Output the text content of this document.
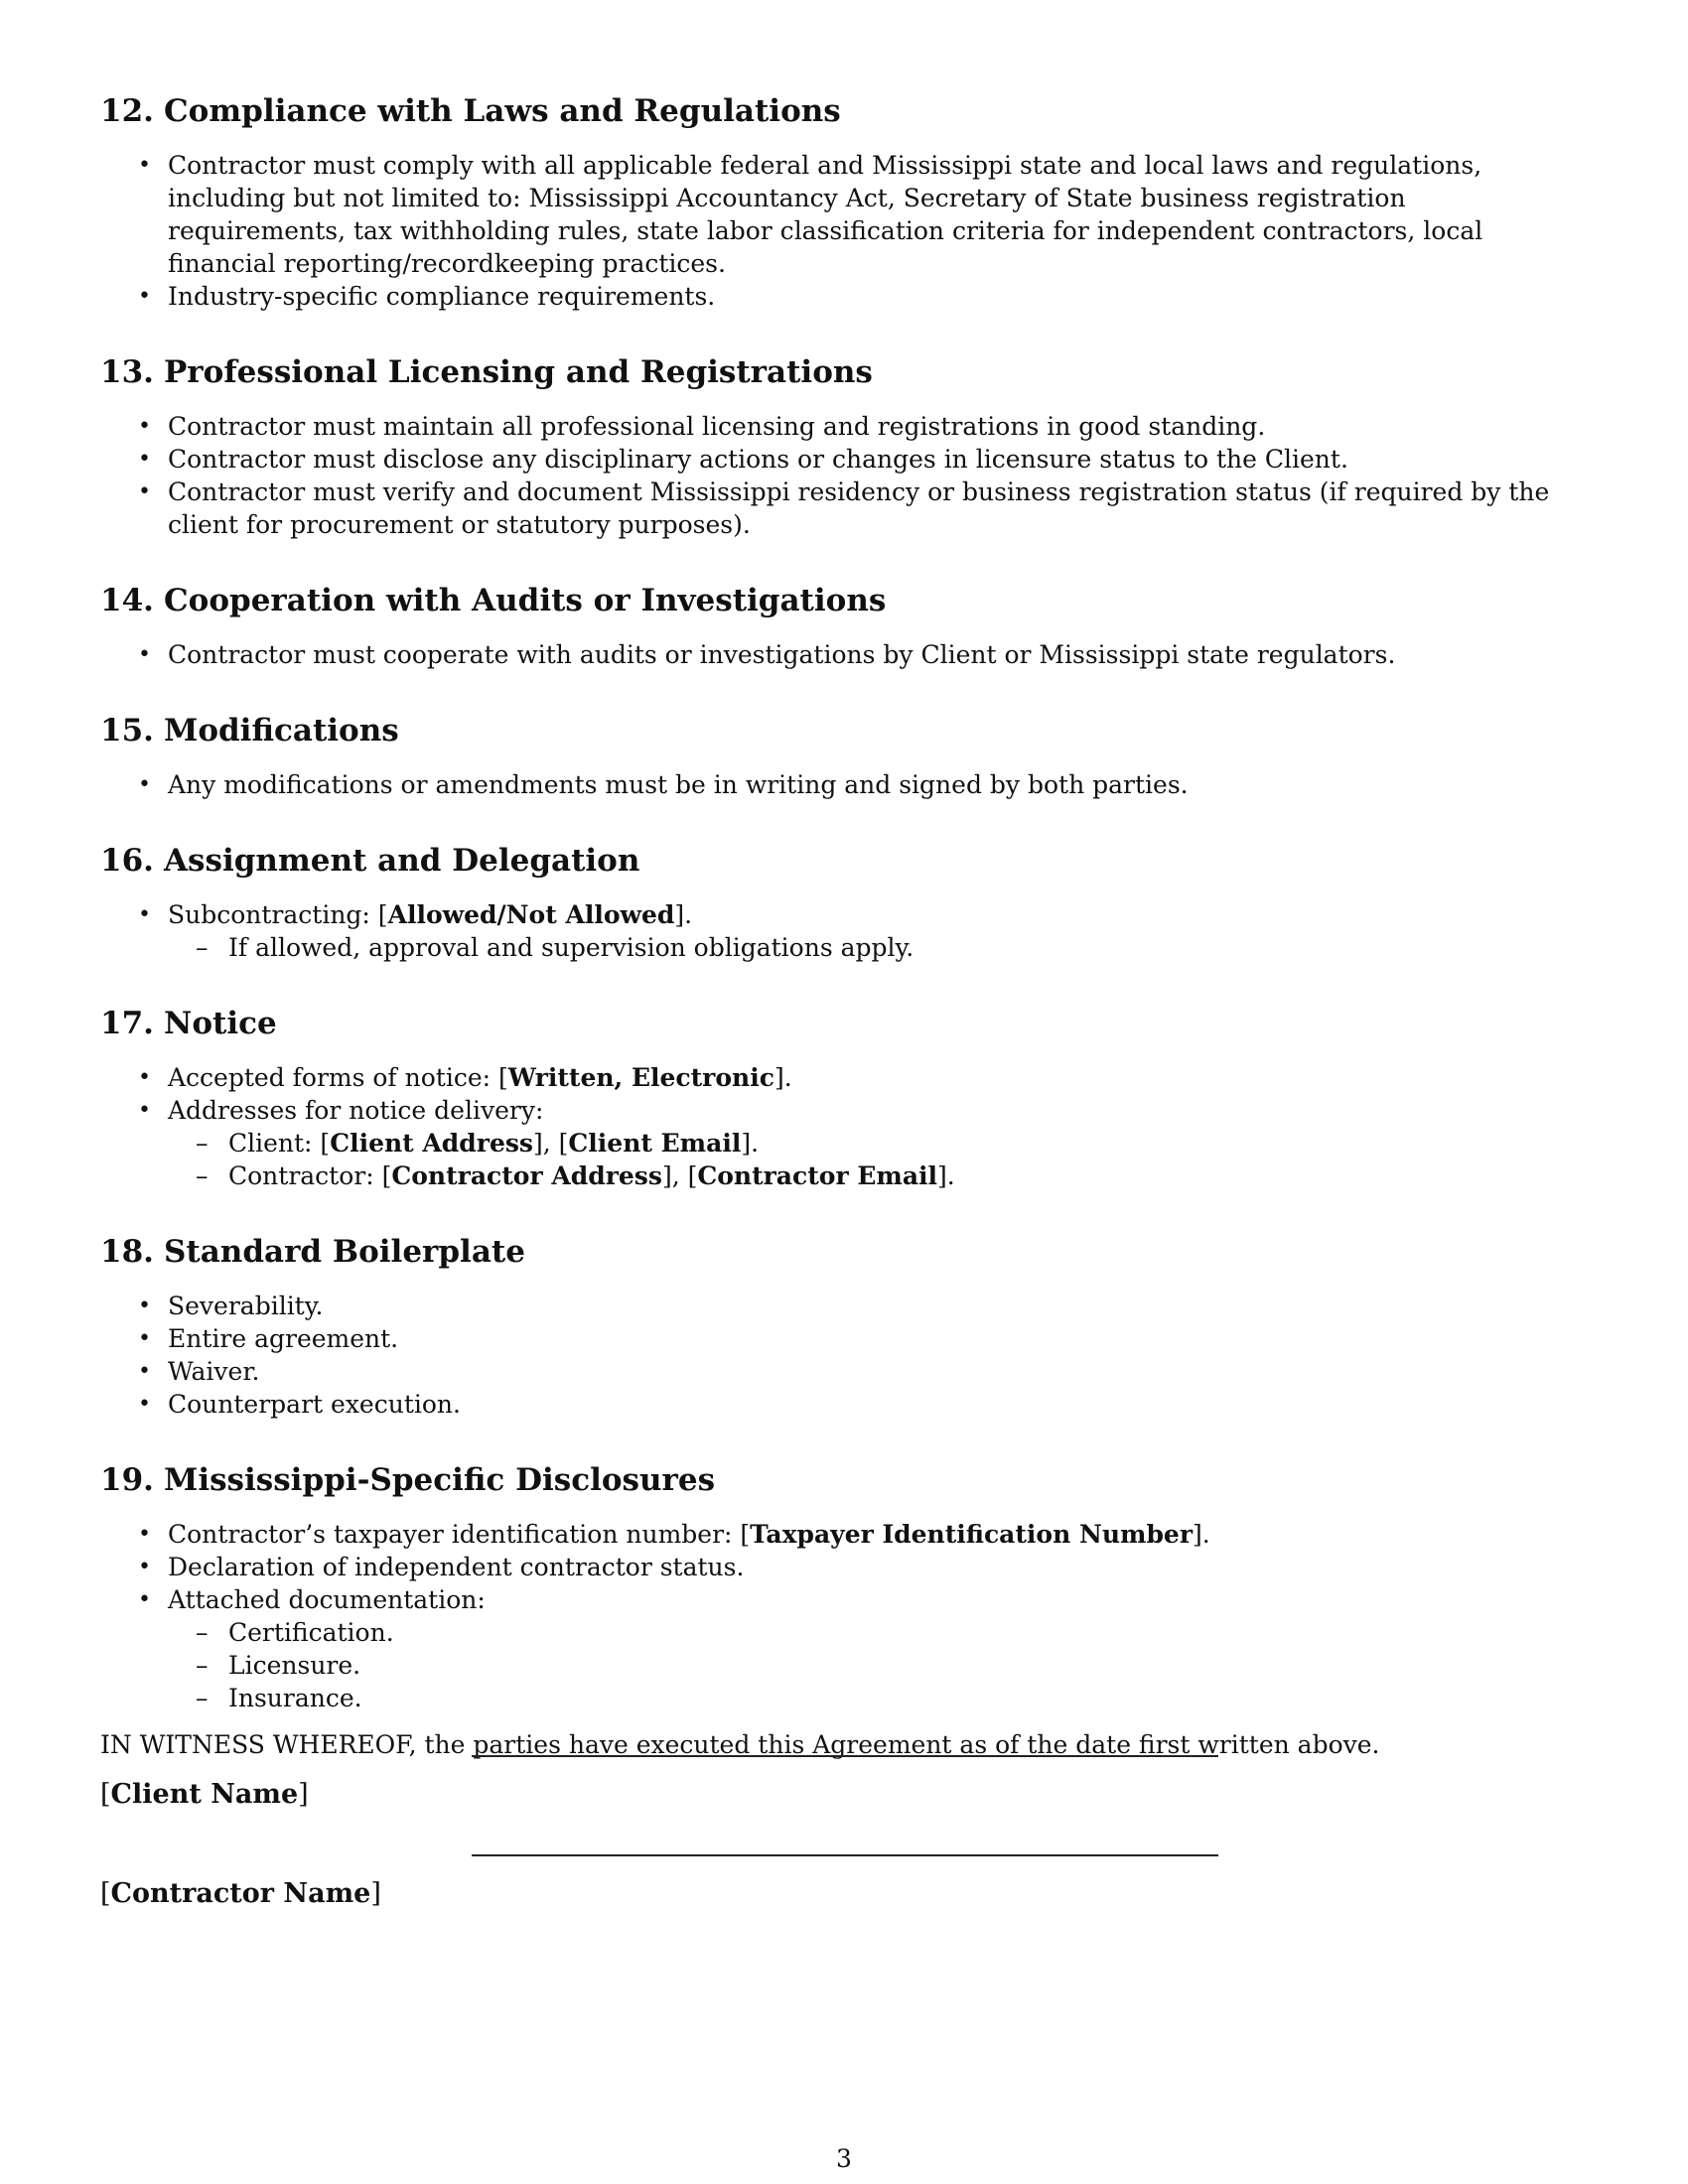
12. Compliance with Laws and Regulations
• Contractor must comply with all applicable federal and Mississippi state and local laws and regulations, including but not limited to: Mississippi Accountancy Act, Secretary of State business registration requirements, tax withholding rules, state labor classification criteria for independent contractors, local financial reporting/recordkeeping practices.
• Industry-specific compliance requirements.
13. Professional Licensing and Registrations
• Contractor must maintain all professional licensing and registrations in good standing.
• Contractor must disclose any disciplinary actions or changes in licensure status to the Client.
• Contractor must verify and document Mississippi residency or business registration status (if required by the client for procurement or statutory purposes).
14. Cooperation with Audits or Investigations
• Contractor must cooperate with audits or investigations by Client or Mississippi state regulators.
15. Modifications
• Any modifications or amendments must be in writing and signed by both parties.
16. Assignment and Delegation
• Subcontracting: [Allowed/Not Allowed].
– If allowed, approval and supervision obligations apply.
17. Notice
• Accepted forms of notice: [Written, Electronic].
• Addresses for notice delivery:
– Client: [Client Address], [Client Email].
– Contractor: [Contractor Address], [Contractor Email].
18. Standard Boilerplate
• Severability.
• Entire agreement.
• Waiver.
• Counterpart execution.
19. Mississippi-Specific Disclosures
• Contractor’s taxpayer identification number: [Taxpayer Identification Number].
• Declaration of independent contractor status.
• Attached documentation:
– Certification.
– Licensure.
– Insurance.
IN WITNESS WHEREOF, the parties have executed this Agreement as of the date first written above.
[Client Name]
[Contractor Name]
3
